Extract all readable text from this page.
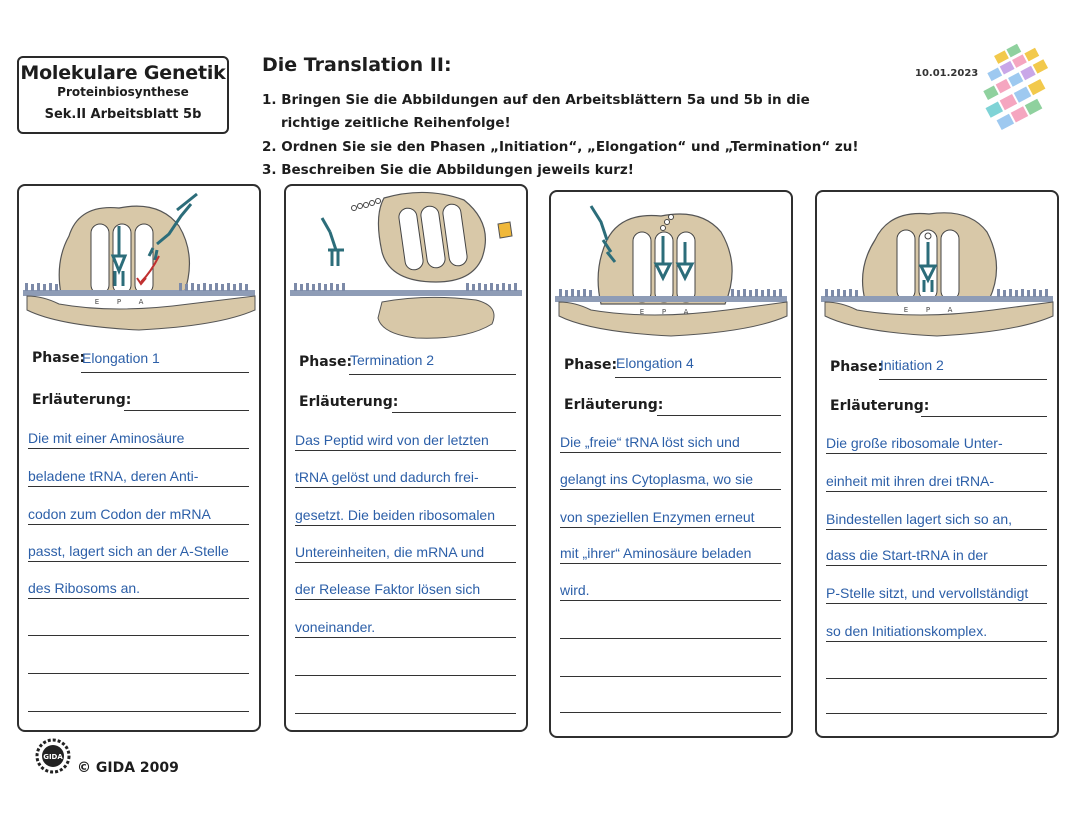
Molekulare Genetik
Proteinbiosynthese
Sek.II Arbeitsblatt 5b
Die Translation II:
1. Bringen Sie die Abbildungen auf den Arbeitsblättern 5a und 5b in die
richtige zeitliche Reihenfolge!
2. Ordnen Sie sie den Phasen „Initiation“, „Elongation“ und „Termination“ zu!
3. Beschreiben Sie die Abbildungen jeweils kurz!
10.01.2023
E	P A
Phase:
Elongation 1
Erläuterung:
Die mit einer Aminosäure
beladene tRNA, deren Anti-
codon zum Codon der mRNA
passt, lagert sich an der A-Stelle
des Ribosoms an.
Phase:
Termination 2
Erläuterung:
Das Peptid wird von der letzten
tRNA gelöst und dadurch frei-
gesetzt. Die beiden ribosomalen
Untereinheiten, die mRNA und
der Release Faktor lösen sich
voneinander.
E	P A
Phase:
Elongation 4
Erläuterung:
Die „freie“ tRNA löst sich und
gelangt ins Cytoplasma, wo sie
von speziellen Enzymen erneut
mit „ihrer“ Aminosäure beladen
wird.
E	P A
Phase:
Initiation 2
Erläuterung:
Die große ribosomale Unter-
einheit mit ihren drei tRNA-
Bindestellen lagert sich so an,
dass die Start-tRNA in der
P-Stelle sitzt, und vervollständigt
so den Initiationskomplex.
GIDA
© GIDA 2009
